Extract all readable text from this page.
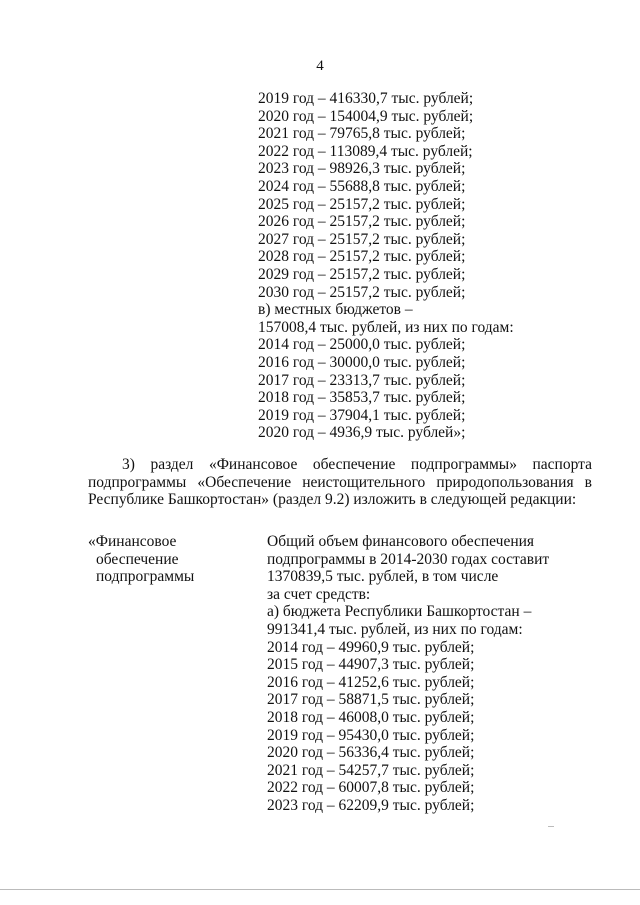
4
2019 год – 416330,7 тыс. рублей;
2020 год – 154004,9 тыс. рублей;
2021 год – 79765,8 тыс. рублей;
2022 год – 113089,4 тыс. рублей;
2023 год – 98926,3 тыс. рублей;
2024 год – 55688,8 тыс. рублей;
2025 год – 25157,2 тыс. рублей;
2026 год – 25157,2 тыс. рублей;
2027 год – 25157,2 тыс. рублей;
2028 год – 25157,2 тыс. рублей;
2029 год – 25157,2 тыс. рублей;
2030 год – 25157,2 тыс. рублей;
в) местных бюджетов –
157008,4 тыс. рублей, из них по годам:
2014 год – 25000,0 тыс. рублей;
2016 год – 30000,0 тыс. рублей;
2017 год – 23313,7 тыс. рублей;
2018 год – 35853,7 тыс. рублей;
2019 год – 37904,1 тыс. рублей;
2020 год – 4936,9 тыс. рублей»;
3) раздел «Финансовое обеспечение подпрограммы» паспорта
подпрограммы «Обеспечение неистощительного природопользования в
Республике Башкортостан» (раздел 9.2) изложить в следующей редакции:
«Финансовое
обеспечение
подпрограммы
Общий объем финансового обеспечения
подпрограммы в 2014-2030 годах составит
1370839,5 тыс. рублей, в том числе
за счет средств:
а) бюджета Республики Башкортостан –
991341,4 тыс. рублей, из них по годам:
2014 год – 49960,9 тыс. рублей;
2015 год – 44907,3 тыс. рублей;
2016 год – 41252,6 тыс. рублей;
2017 год – 58871,5 тыс. рублей;
2018 год – 46008,0 тыс. рублей;
2019 год – 95430,0 тыс. рублей;
2020 год – 56336,4 тыс. рублей;
2021 год – 54257,7 тыс. рублей;
2022 год – 60007,8 тыс. рублей;
2023 год – 62209,9 тыс. рублей;
